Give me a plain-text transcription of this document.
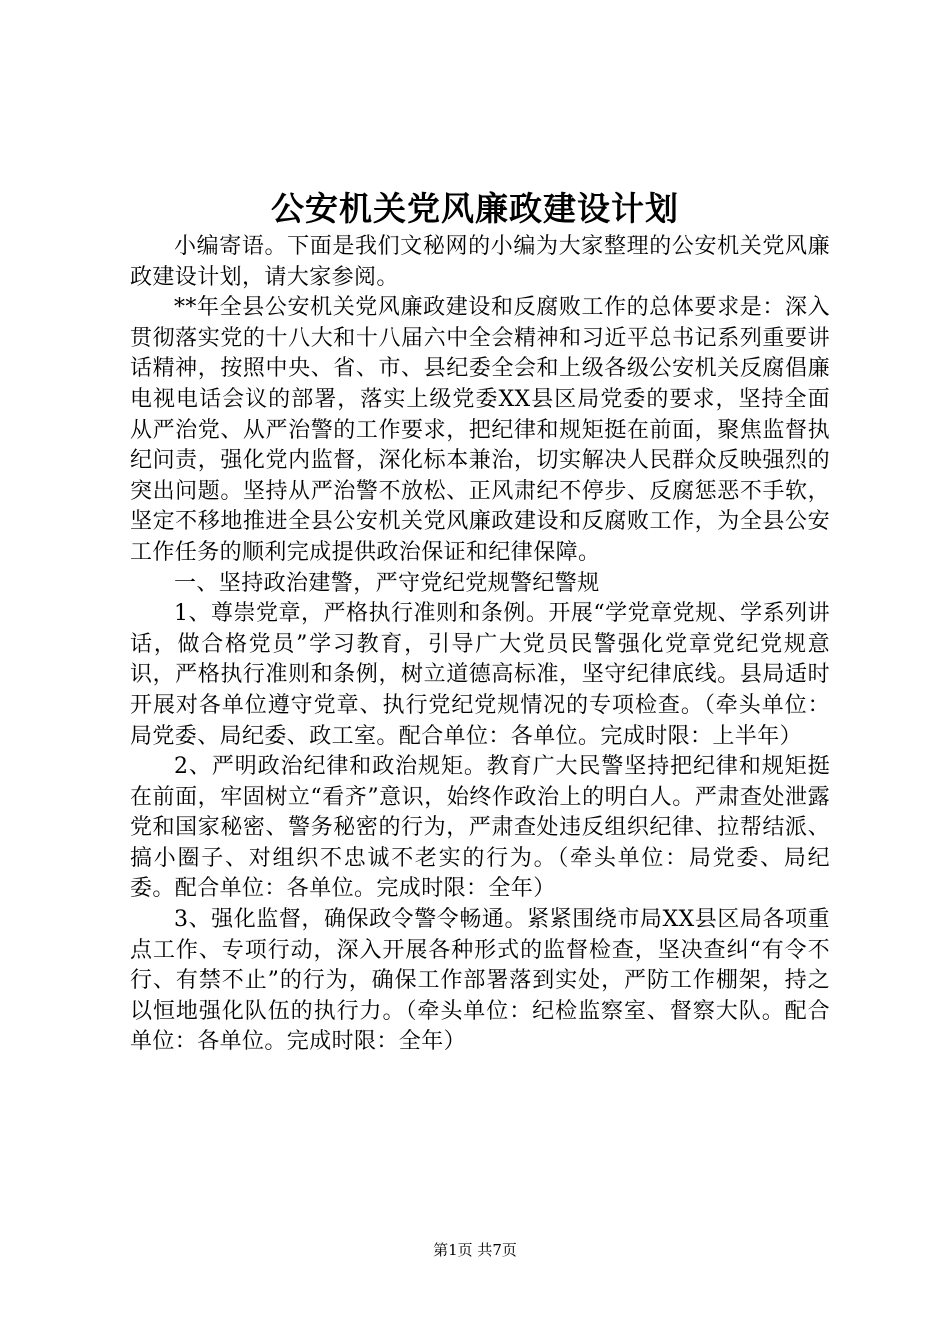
公安机关党风廉政建设计划

小编寄语。下面是我们文秘网的小编为大家整理的公安机关党风廉政建设计划，请大家参阅。

**年全县公安机关党风廉政建设和反腐败工作的总体要求是：深入贯彻落实党的十八大和十八届六中全会精神和习近平总书记系列重要讲话精神，按照中央、省、市、县纪委全会和上级各级公安机关反腐倡廉电视电话会议的部署，落实上级党委XX县区局党委的要求，坚持全面从严治党、从严治警的工作要求，把纪律和规矩挺在前面，聚焦监督执纪问责，强化党内监督，深化标本兼治，切实解决人民群众反映强烈的突出问题。坚持从严治警不放松、正风肃纪不停步、反腐惩恶不手软，坚定不移地推进全县公安机关党风廉政建设和反腐败工作，为全县公安工作任务的顺利完成提供政治保证和纪律保障。

一、坚持政治建警，严守党纪党规警纪警规

1、尊崇党章，严格执行准则和条例。开展“学党章党规、学系列讲话，做合格党员”学习教育，引导广大党员民警强化党章党纪党规意识，严格执行准则和条例，树立道德高标准，坚守纪律底线。县局适时开展对各单位遵守党章、执行党纪党规情况的专项检查。（牵头单位：局党委、局纪委、政工室。配合单位：各单位。完成时限：上半年）

2、严明政治纪律和政治规矩。教育广大民警坚持把纪律和规矩挺在前面，牢固树立“看齐”意识，始终作政治上的明白人。严肃查处泄露党和国家秘密、警务秘密的行为，严肃查处违反组织纪律、拉帮结派、搞小圈子、对组织不忠诚不老实的行为。（牵头单位：局党委、局纪委。配合单位：各单位。完成时限：全年）

3、强化监督，确保政令警令畅通。紧紧围绕市局XX县区局各项重点工作、专项行动，深入开展各种形式的监督检查，坚决查纠“有令不行、有禁不止”的行为，确保工作部署落到实处，严防工作棚架，持之以恒地强化队伍的执行力。（牵头单位：纪检监察室、督察大队。配合单位：各单位。完成时限：全年）

第1页 共7页
